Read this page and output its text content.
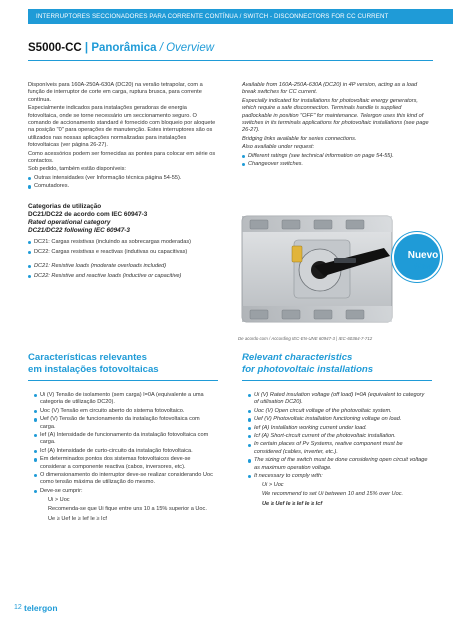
INTERRUPTORES SECCIONADORES PARA CORRENTE CONTÍNUA / SWITCH - DISCONNECTORS FOR CC CURRENT
S5000-CC | Panorâmica / Overview

Disponíveis para 160A-250A-630A (DC20) na versão tetrapolar, com a função de interruptor de corte em carga, ruptura brusca, para corrente contínua.

Especialmente indicados para instalações geradoras de energia fotovoltaica, onde se torne necessário um seccionamento seguro. O comando de accionamento standard é fornecido com bloqueio por aloquete na posição "0" para operações de manutenção. Estes interruptores são os utilizados nas nossas aplicações normalizadas para instalações fotovoltaicas (ver página 26-27).

Como acessórios podem ser fornecidas as pontes para colocar em série os contactos.

Sob pedido, também estão disponíveis:

Outras intensidades (ver Informação técnica página 54-55).
Comutadores.
Categorias de utilização
DC21/DC22 de acordo com IEC 60947-3
Rated operational category
DC21/DC22 following IEC 60947-3
DC21: Cargas resistivas (incluindo as sobrecargas moderadas)
DC22: Cargas resistivas e reactivas (indutivas ou capacitivas)
DC21: Resistive loads (moderate overloads included)
DC22: Resistive and reactive loads (inductive or capacitive)

Available from 160A-250A-630A (DC20) in 4P version, acting as a load break switches for CC current.

Especially indicated for installations for photovoltaic energy generators, which require a safe disconnection. Terminals handle is supplied padlockable in position "OFF" for maintenance. Telergon uses this kind of switches in its terminals applications for photovoltaic installations (see page 26-27).

Bridging links available for series connections.

Also available under request:

Different ratings (see technical information on page 54-55).
Changeover switches.
Nuevo
New
De acordo com / According IEC-EN-UNE 60947-3 | IEC-60364-7-712
Características relevantes
em instalações fotovoltaicas
Relevant characteristics
for photovoltaic installations
Ui (V) Tensão de isolamento (sem carga) I=0A (equivalente a uma categoria de utilização DC20).
Uoc (V) Tensão em circuito aberto do sistema fotovoltaico.
Uef (V) Tensão de funcionamento da instalação fotovoltaica com carga.
Ief (A) Intensidade de funcionamento da instalação fotovoltaica com carga.
Icf (A) Intensidade de curto-circuito da instalação fotovoltaica.
Em determinados pontos dos sistemas fotovoltaicos deve-se considerar a componente reactiva (cabos, inversores, etc).
O dimensionamento do interruptor deve-se realizar considerando Uoc como tensão máxima de utilização do mesmo.
Deve-se cumprir:

Ui > Uoc

Recomenda-se que Ui fique entre uns 10 a 15% superior a Uoc.

Ue ≥ Uef Ie ≥ Ief Ie ≥ Icf

Ui (V) Rated insulation voltage (off load) I=0A (equivalent to category of utilisation DC20).
Uoc (V) Open circuit voltage of the photovoltaic system.
Uef (V) Photovoltaic installation functioning voltage on load.
Ief (A) Installation working current under load.
Icf (A) Short-circuit current of the photovoltaic installation.
In certain places of Pv Systems, reative component must be considered (cables, inverter, etc.).
The sizing of the switch must be done considering open circuit voltage as maximum operation voltage.
It necessary to comply with:

Ui > Uoc

We recommend to set Ui between 10 and 15% over Uoc.

Ue ≥ Uef Ie ≥ Ief Ie ≥ Icf

12 telergon
